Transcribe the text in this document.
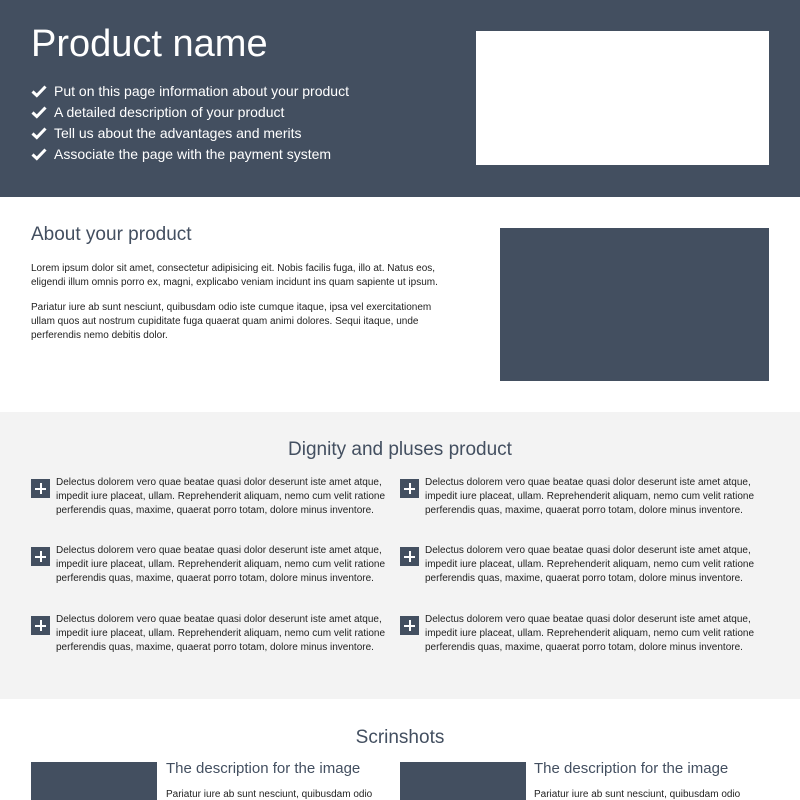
Product name
Put on this page information about your product
A detailed description of your product
Tell us about the advantages and merits
Associate the page with the payment system
About your product

Lorem ipsum dolor sit amet, consectetur adipisicing eit. Nobis facilis fuga, illo at. Natus eos, eligendi illum omnis porro ex, magni, explicabo veniam incidunt ins quam sapiente ut ipsum.

Pariatur iure ab sunt nesciunt, quibusdam odio iste cumque itaque, ipsa vel exercitationem ullam quos aut nostrum cupiditate fuga quaerat quam animi dolores. Sequi itaque, unde perferendis nemo debitis dolor.

Dignity and pluses product

Delectus dolorem vero quae beatae quasi dolor deserunt iste amet atque, impedit iure placeat, ullam. Reprehenderit aliquam, nemo cum velit ratione perferendis quas, maxime, quaerat porro totam, dolore minus inventore.

Delectus dolorem vero quae beatae quasi dolor deserunt iste amet atque, impedit iure placeat, ullam. Reprehenderit aliquam, nemo cum velit ratione perferendis quas, maxime, quaerat porro totam, dolore minus inventore.

Delectus dolorem vero quae beatae quasi dolor deserunt iste amet atque, impedit iure placeat, ullam. Reprehenderit aliquam, nemo cum velit ratione perferendis quas, maxime, quaerat porro totam, dolore minus inventore.

Delectus dolorem vero quae beatae quasi dolor deserunt iste amet atque, impedit iure placeat, ullam. Reprehenderit aliquam, nemo cum velit ratione perferendis quas, maxime, quaerat porro totam, dolore minus inventore.

Delectus dolorem vero quae beatae quasi dolor deserunt iste amet atque, impedit iure placeat, ullam. Reprehenderit aliquam, nemo cum velit ratione perferendis quas, maxime, quaerat porro totam, dolore minus inventore.

Delectus dolorem vero quae beatae quasi dolor deserunt iste amet atque, impedit iure placeat, ullam. Reprehenderit aliquam, nemo cum velit ratione perferendis quas, maxime, quaerat porro totam, dolore minus inventore.

Scrinshots
The description for the image
Pariatur iure ab sunt nesciunt, quibusdam odio
The description for the image
Pariatur iure ab sunt nesciunt, quibusdam odio
